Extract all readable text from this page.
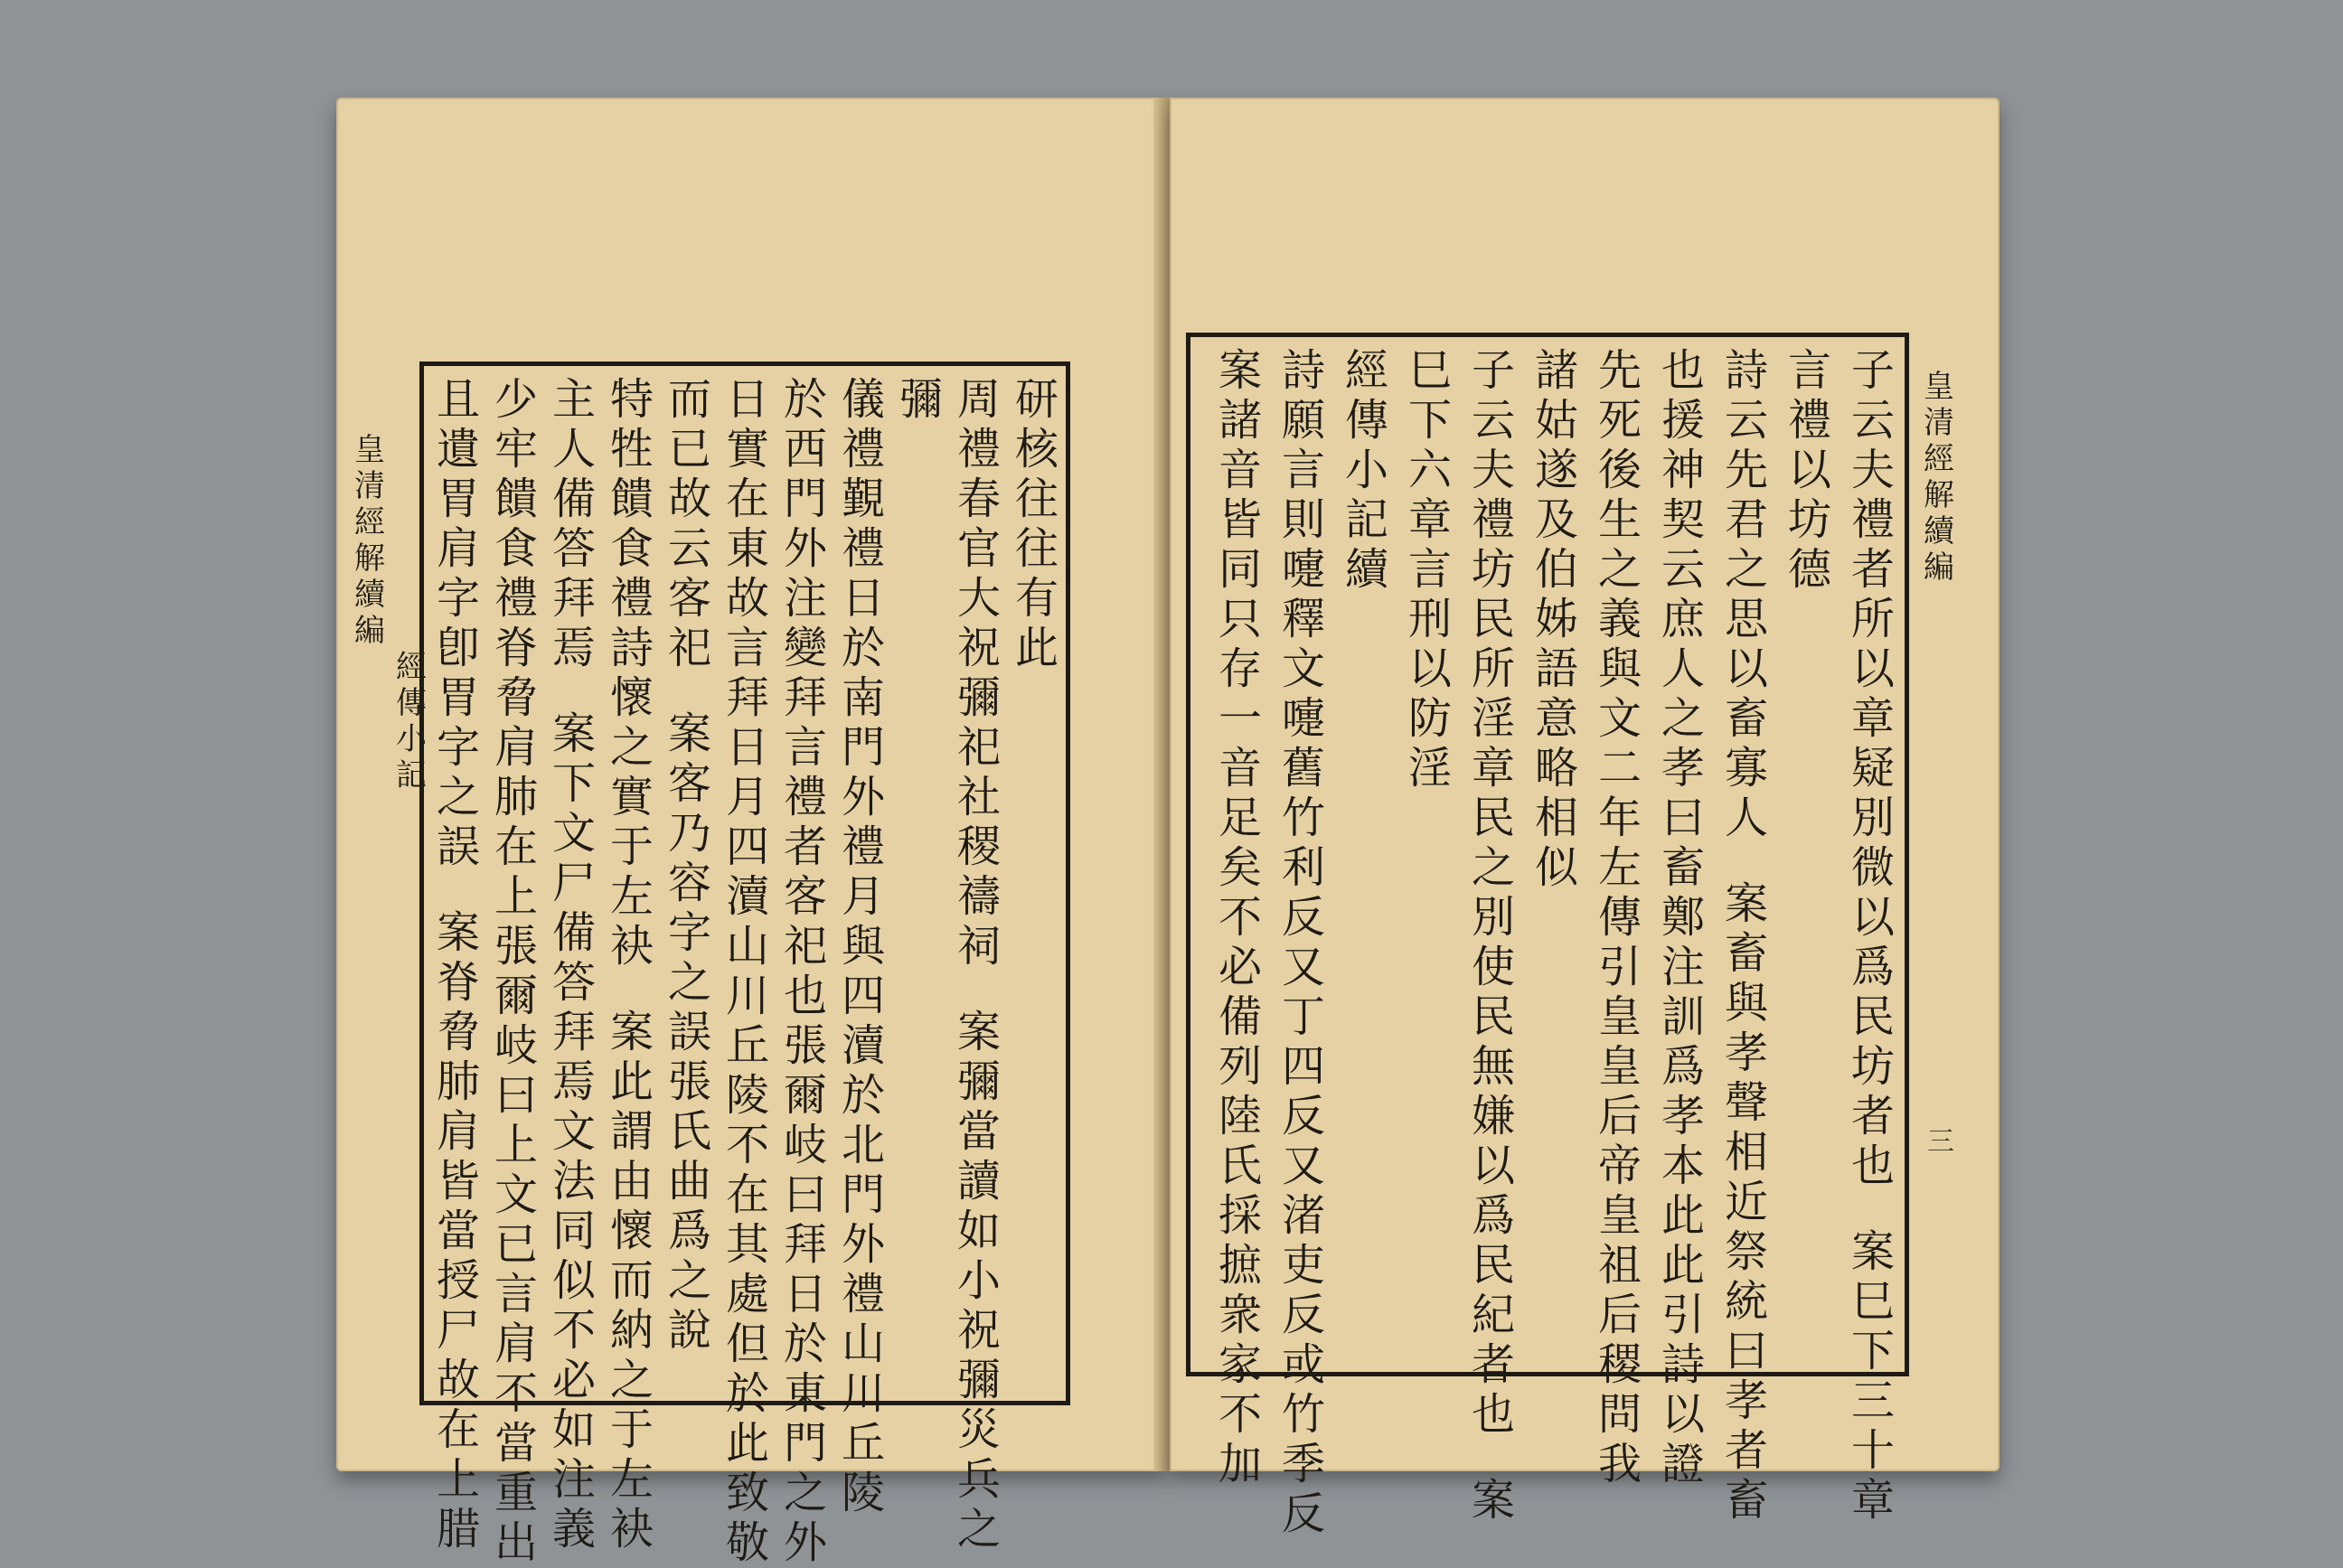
皇
清
經
解
續
編
經
傳
小
記
研
核
往
往
有
此
周
禮
春
官
大
祝
彌
祀
社
稷
禱
祠
案
彌
當
讀
如
小
祝
彌
災
兵
之
彌
儀
禮
覲
禮
日
於
南
門
外
禮
月
與
四
瀆
於
北
門
外
禮
山
川
丘
陵
於
西
門
外
注
變
拜
言
禮
者
客
祀
也
張
爾
岐
曰
拜
日
於
東
門
之
外
日
實
在
東
故
言
拜
日
月
四
瀆
山
川
丘
陵
不
在
其
處
但
於
此
致
敬
而
已
故
云
客
祀
案
客
乃
容
字
之
誤
張
氏
曲
爲
之
說
特
牲
饋
食
禮
詩
懷
之
實
于
左
袂
案
此
謂
由
懷
而
納
之
于
左
袂
主
人
備
答
拜
焉
案
下
文
尸
備
答
拜
焉
文
法
同
似
不
必
如
注
義
少
牢
饋
食
禮
脊
脅
肩
肺
在
上
張
爾
岐
曰
上
文
已
言
肩
不
當
重
出
且
遺
胃
肩
字
卽
胃
字
之
誤
案
脊
脅
肺
肩
皆
當
授
尸
故
在
上
腊
子
云
夫
禮
者
所
以
章
疑
別
微
以
爲
民
坊
者
也
案
巳
下
三
十
章
言
禮
以
坊
德
詩
云
先
君
之
思
以
畜
寡
人
案
畜
與
孝
聲
相
近
祭
統
曰
孝
者
畜
也
援
神
契
云
庶
人
之
孝
曰
畜
鄭
注
訓
爲
孝
本
此
此
引
詩
以
證
先
死
後
生
之
義
與
文
二
年
左
傳
引
皇
皇
后
帝
皇
祖
后
稷
問
我
諸
姑
遂
及
伯
姊
語
意
略
相
似
子
云
夫
禮
坊
民
所
淫
章
民
之
別
使
民
無
嫌
以
爲
民
紀
者
也
案
巳
下
六
章
言
刑
以
防
淫
經
傳
小
記
續
詩
願
言
則
嚏
釋
文
嚏
舊
竹
利
反
又
丁
四
反
又
渚
吏
反
或
竹
季
反
案
諸
音
皆
同
只
存
一
音
足
矣
不
必
備
列
陸
氏
採
摭
衆
家
不
加
皇
清
經
解
續
編
三
